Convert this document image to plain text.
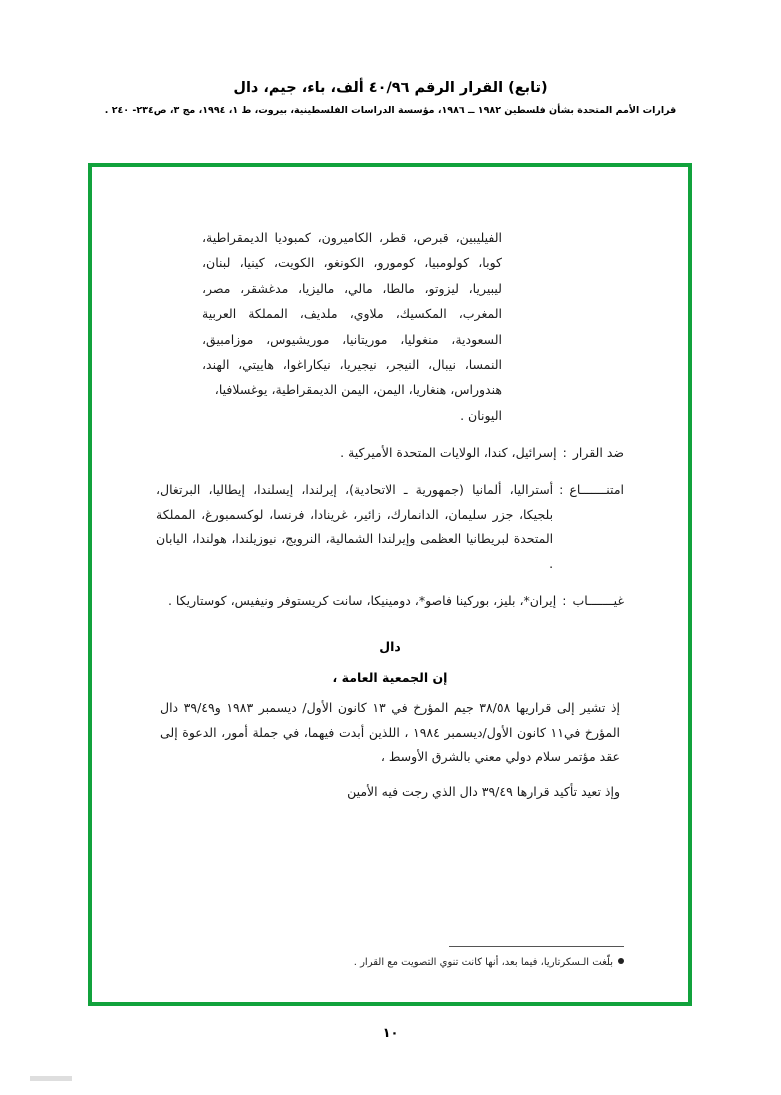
(تابع) القرار الرقم ٤٠/٩٦ ألف، باء، جيم، دال
قرارات الأمم المتحدة بشأن فلسطين ١٩٨٢ ــ ١٩٨٦، مؤسسة الدراسات الفلسطينية، بيروت، ط ١، ١٩٩٤، مج ٣، ص٢٣٤- ٢٤٠ .
الفيليبين، قبرص، قطر، الكاميرون، كمبوديا الديمقراطية، كوبا، كولومبيا، كومورو، الكونغو، الكويت، كينيا، لبنان، ليبيريا، ليزوتو، مالطا، مالي، ماليزيا، مدغشقر، مصر، المغرب، المكسيك، ملاوي، ملديف، المملكة العربية السعودية، منغوليا، موريتانيا، موريشيوس، موزامبيق، النمسا، نيبال، النيجر، نيجيريا، نيكاراغوا، هاييتي، الهند، هندوراس، هنغاريا، اليمن، اليمن الديمقراطية، يوغسلافيا،
اليونان .
ضد القرار
:
إسرائيل، كندا، الولايات المتحدة الأميركية .
امتنـــــــاع
:
أستراليا، ألمانيا (جمهورية ـ الاتحادية)، إيرلندا، إيسلندا، إيطاليا، البرتغال، بلجيكا، جزر سليمان، الدانمارك، زائير، غرينادا، فرنسا، لوكسمبورغ، المملكة المتحدة لبريطانيا العظمى وإيرلندا الشمالية، النرويج، نيوزيلندا، هولندا، اليابان .
غيـــــــاب
:
إيران*، بليز، بوركينا فاصو*، دومينيكا، سانت كريستوفر ونيفيس، كوستاريكا .
دال
إن الجمعية العامة ،
إذ تشير إلى قراريها ٣٨/٥٨ جيم المؤرخ في ١٣ كانون الأول/ ديسمبر ١٩٨٣ و٣٩/٤٩ دال المؤرخ في١١ كانون الأول/ديسمبر ١٩٨٤ ، اللذين أبدت فيهما، في جملة أمور، الدعوة إلى عقد مؤتمر سلام دولي معني بالشرق الأوسط ،
وإذ تعيد تأكيد قرارها ٣٩/٤٩ دال الذي رجت فيه الأمين
بلّغت الـسكرتاريا، فيما بعد، أنها كانت تنوي التصويت مع القرار .
١٠
